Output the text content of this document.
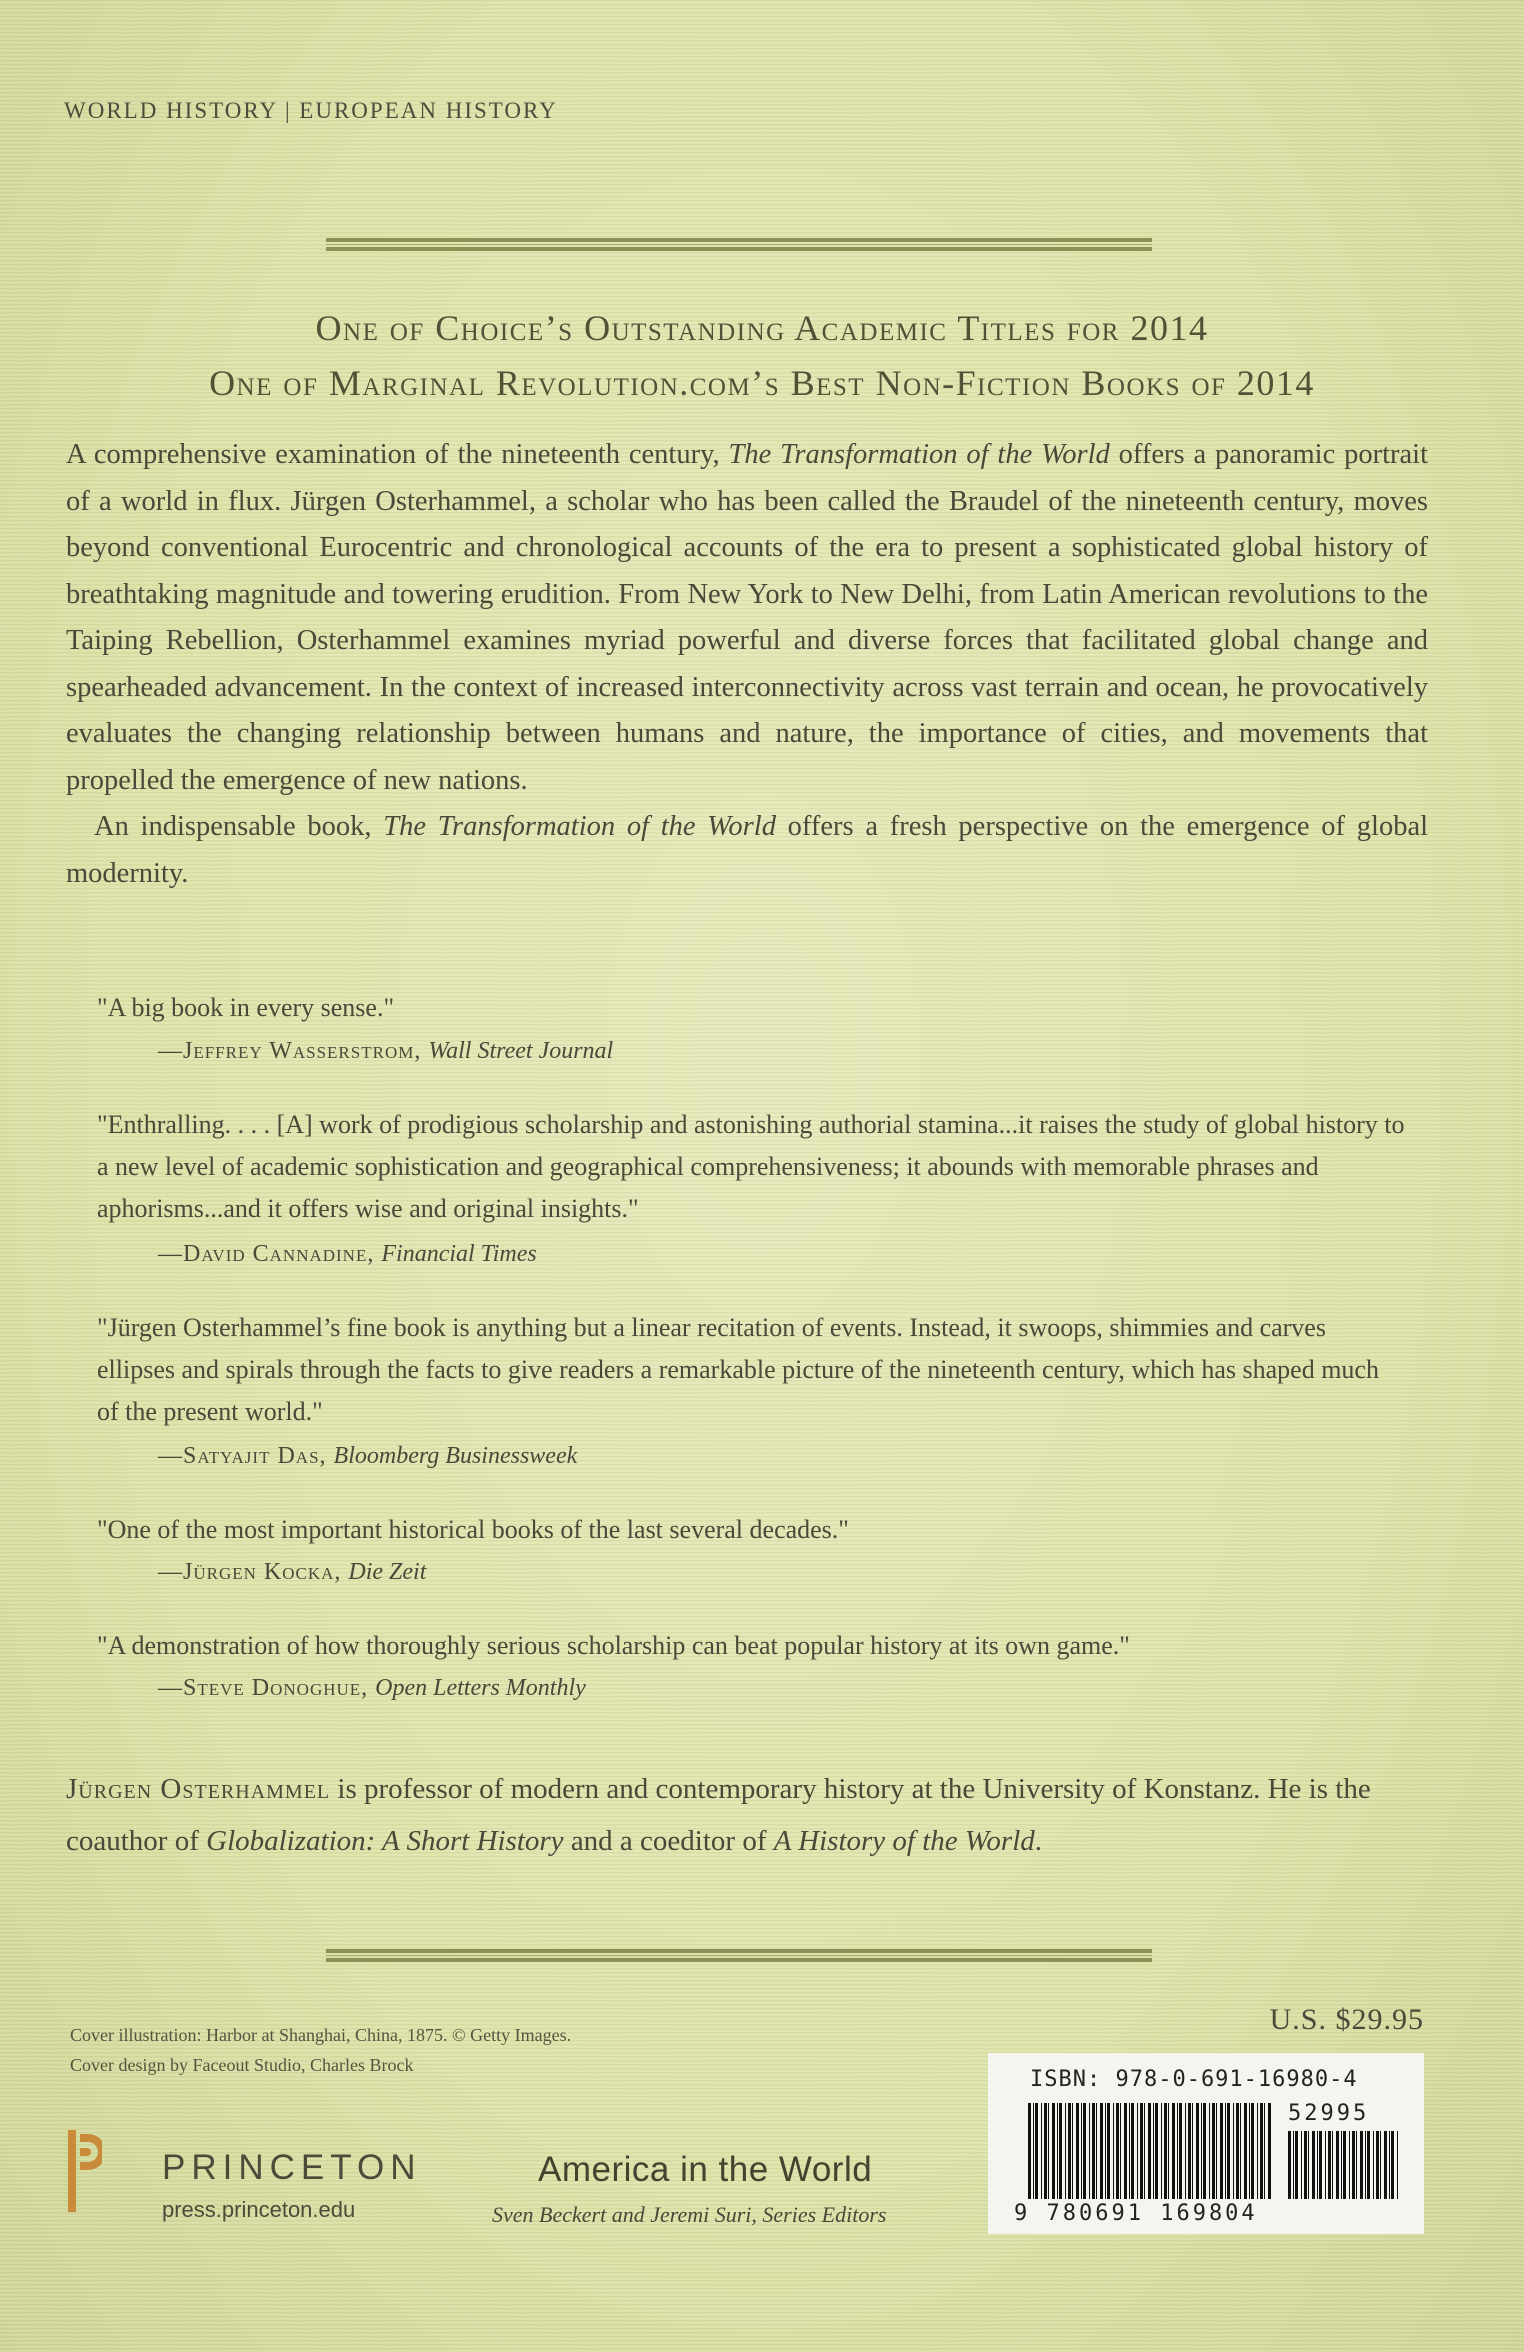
WORLD HISTORY | EUROPEAN HISTORY
One of Choice’s Outstanding Academic Titles for 2014
One of Marginal Revolution.com’s Best Non-Fiction Books of 2014

A comprehensive examination of the nineteenth century, The Transformation of the World offers a panoramic portrait of a world in flux. Jürgen Osterhammel, a scholar who has been called the Braudel of the nineteenth century, moves beyond conventional Eurocentric and chronological accounts of the era to present a sophisticated global history of breathtaking magnitude and towering erudition. From New York to New Delhi, from Latin American revolutions to the Taiping Rebellion, Osterhammel examines myriad powerful and diverse forces that facilitated global change and spearheaded advancement. In the context of increased interconnectivity across vast terrain and ocean, he provocatively evaluates the changing relationship between humans and nature, the importance of cities, and movements that propelled the emergence of new nations.

An indispensable book, The Transformation of the World offers a fresh perspective on the emergence of global modernity.

"A big book in every sense."
—Jeffrey Wasserstrom, Wall Street Journal
"Enthralling. . . . [A] work of prodigious scholarship and astonishing authorial stamina...it raises the study of global history to a new level of academic sophistication and geographical comprehensiveness; it abounds with memorable phrases and aphorisms...and it offers wise and original insights."
—David Cannadine, Financial Times
"Jürgen Osterhammel’s fine book is anything but a linear recitation of events. Instead, it swoops, shimmies and carves ellipses and spirals through the facts to give readers a remarkable picture of the nineteenth century, which has shaped much of the present world."
—Satyajit Das, Bloomberg Businessweek
"One of the most important historical books of the last several decades."
—Jürgen Kocka, Die Zeit
"A demonstration of how thoroughly serious scholarship can beat popular history at its own game."
—Steve Donoghue, Open Letters Monthly
Jürgen Osterhammel is professor of modern and contemporary history at the University of Konstanz. He is the coauthor of Globalization: A Short History and a coeditor of A History of the World.
Cover illustration: Harbor at Shanghai, China, 1875. © Getty Images.
Cover design by Faceout Studio, Charles Brock
U.S. $29.95
ISBN: 978-0-691-16980-4
52995
9 780691 169804
PRINCETON
press.princeton.edu
America in the World
Sven Beckert and Jeremi Suri, Series Editors
